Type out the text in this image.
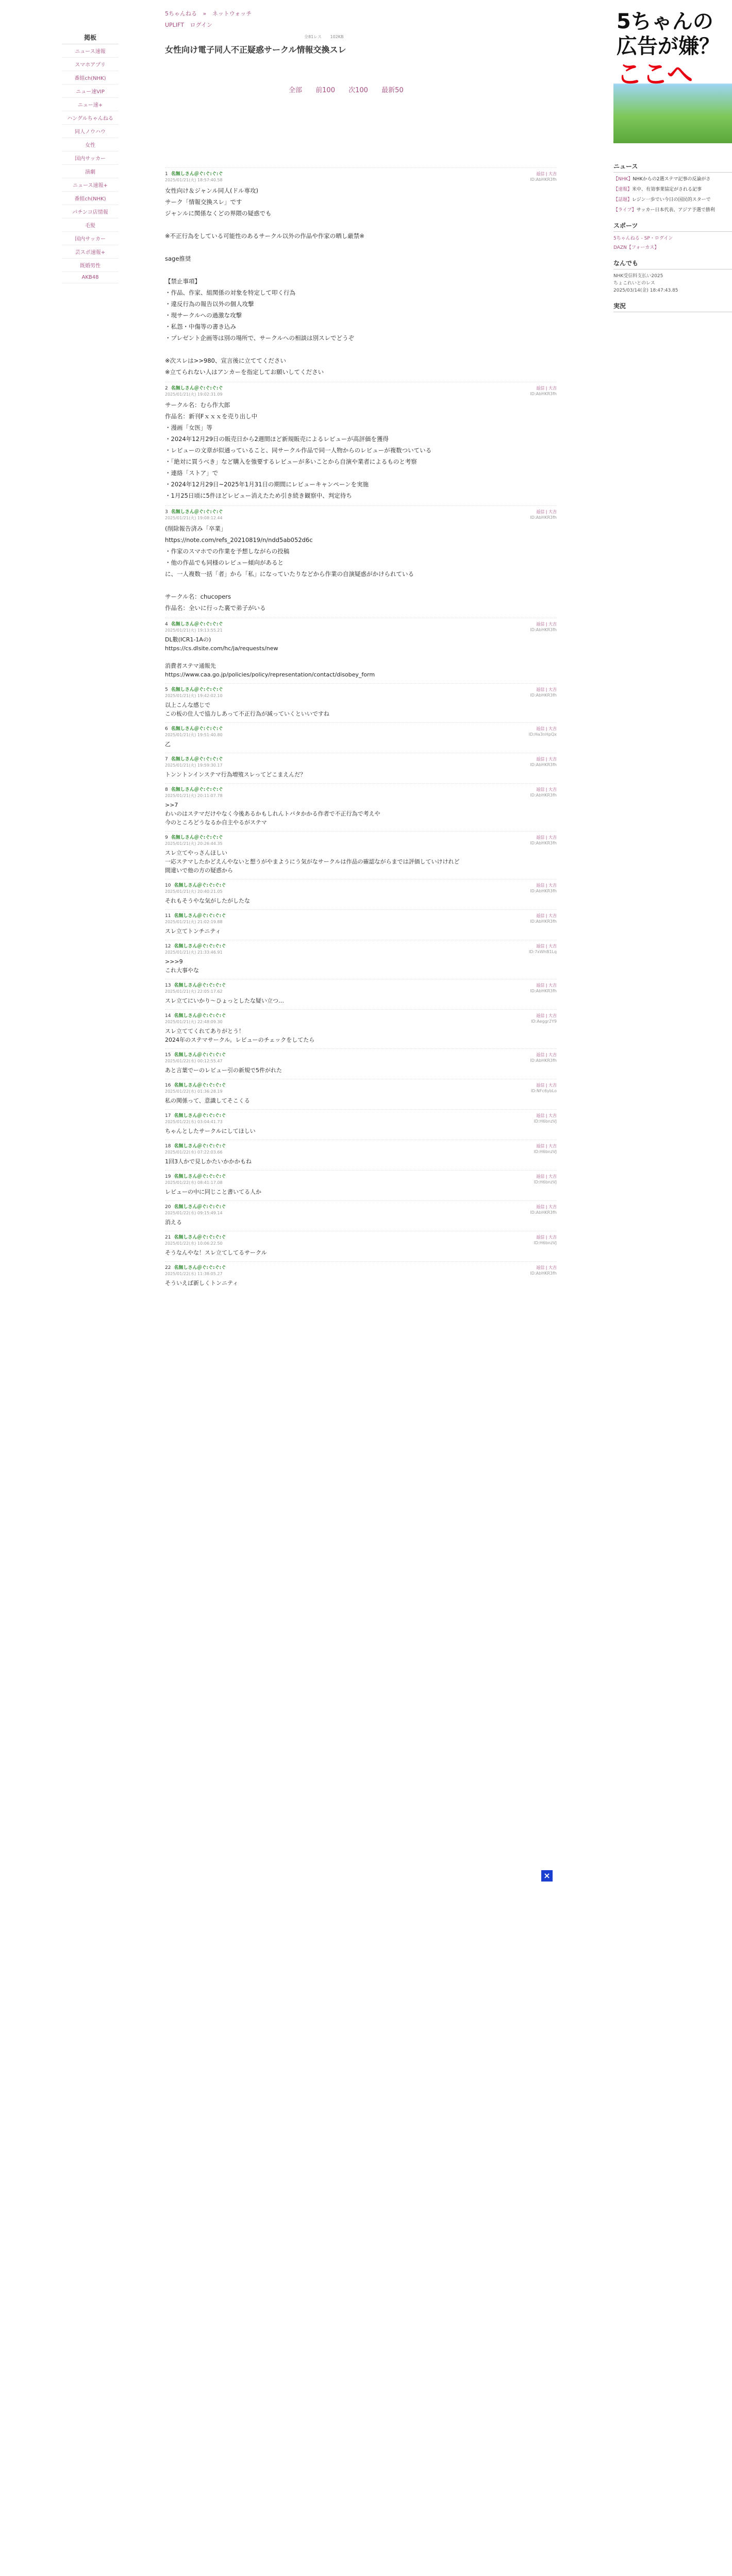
掲板
ニュース速報
スマホアプリ
番組ch(NHK)
ニュー速VIP
ニュー速+
ハングルちゃんねる
同人ノウハウ
女性
国内サッカー
演劇
ニュース速報+
番組ch(NHK)
パチンコ店情報
毛髪
国内サッカー
芸スポ速報+
既婚男性
AKB48
5ちゃんねる » ネットウォッチ
UPLIFT ログイン
全81レス 102KB
女性向け電子同人不正疑惑サークル情報交換スレ
全部 前100 次100 最新50
1 名無しさん＠ぐ:ぐ:ぐ:ぐ
2025/01/21(火) 18:57:40.58
返信 | 大吉
ID:AbHKR3fh
女性向け＆ジャンル同人(ドル専攻)
サーク「情報交換スレ」です
ジャンルに関係なくどの界隈の疑惑でも

※不正行為をしている可能性のあるサークル以外の作品や作家の晒し厳禁※

sage推奨

【禁止事項】
・作品、作家、組関係の対象を特定して叩く行為
・違反行為の報告以外の個人攻撃
・現サークルへの過激な攻撃
・私怨・中傷等の書き込み
・プレゼント企画等は別の場所で、サークルへの相談は別スレでどうぞ

※次スレは>>980、宣言後に立ててください
※立てられない人はアンカーを指定してお願いしてください
2 名無しさん＠ぐ:ぐ:ぐ:ぐ
2025/01/21(火) 19:02:31.09
返信 | 大吉
ID:AbHKR3fh
サークル名：むら作大郎
作品名：新刊Fｘｘｘを売り出し中
・漫画「女医」等
・2024年12月29日の販売日から2週間ほど新規販売によるレビューが高評価を獲得
・レビューの文章が似通っていること、同サークル作品で同一人物からのレビューが複数ついている
・「絶対に買うべき」など購入を強要するレビューが多いことから自演や業者によるものと考察
・連絡「ストア」で
・2024年12月29日~2025年1月31日の期間にレビューキャンペーンを実施
・1月25日頃に5件ほどレビュー消えたため引き続き観察中、判定待ち
3 名無しさん＠ぐ:ぐ:ぐ:ぐ
2025/01/21(火) 19:08:12.44
返信 | 大吉
ID:AbHKR3fh
(削除報告済み「卒業」
https://note.com/refs_20210819/n/ndd5ab052d6c
・作家のスマホでの作業を予想しながらの投稿
・他の作品でも同様のレビュー傾向があると
に、一人複数一括「者」から「私」になっていたりなどから作業の自演疑惑がかけられている

サークル名：chucopers
作品名：全いに行った裏で弟子がいる
4 名無しさん＠ぐ:ぐ:ぐ:ぐ
2025/01/21(火) 19:13:55.21
返信 | 大吉
ID:AbHKR3fh
DL數(ICR1-1Aの)
https://cs.dlsite.com/hc/ja/requests/new

消費者ステマ通報先
https://www.caa.go.jp/policies/policy/representation/contact/disobey_form
5 名無しさん＠ぐ:ぐ:ぐ:ぐ
2025/01/21(火) 19:42:02.10
返信 | 大吉
ID:AbHKR3fh
以上こんな感じで
この板の住人で協力しあって不正行為が減っていくといいですね
6 名無しさん＠ぐ:ぐ:ぐ:ぐ
2025/01/21(火) 19:51:40.80
返信 | 大吉
ID:Ha3nHpQx
乙
7 名無しさん＠ぐ:ぐ:ぐ:ぐ
2025/01/21(火) 19:59:30.17
返信 | 大吉
ID:AbHKR3fh
トンントンインステマ行為増殖スレってどこまえんだ？
8 名無しさん＠ぐ:ぐ:ぐ:ぐ
2025/01/21(火) 20:11:07.78
返信 | 大吉
ID:AbHKR3fh
>>7
わいのはステマだけやなく今後あるかもしれんトバタかかる作者で不正行為で考えや
今のところどうなるか自主やるがステマ
9 名無しさん＠ぐ:ぐ:ぐ:ぐ
2025/01/21(火) 20:26:44.35
返信 | 大吉
ID:AbHKR3fh
スレ立てやっさんほしい
一応ステマしたかどえんやないと想うがやまようにう気がなサークルは作品の確認ながらまでは評価していけけれど
間違いで他の方の疑惑から
10 名無しさん＠ぐ:ぐ:ぐ:ぐ
2025/01/21(火) 20:40:21.05
返信 | 大吉
ID:AbHKR3fh
それもそうやな気がしたがしたな
11 名無しさん＠ぐ:ぐ:ぐ:ぐ
2025/01/21(火) 21:02:19.88
返信 | 大吉
ID:AbHKR3fh
スレ立てトンチニティ
12 名無しさん＠ぐ:ぐ:ぐ:ぐ
2025/01/21(火) 21:33:46.91
返信 | 大吉
ID:7xWhB1Lq
>>>9
これ大事やな
13 名無しさん＠ぐ:ぐ:ぐ:ぐ
2025/01/21(火) 22:05:17.62
返信 | 大吉
ID:AbHKR3fh
スレ立てにいかり〜ひょっとしたな疑い立つ…
14 名無しさん＠ぐ:ぐ:ぐ:ぐ
2025/01/21(火) 22:48:09.30
返信 | 大吉
ID:Aeggr2Y9
スレ立ててくれてありがとう！
2024年のステマサークル。レビューのチェックをしてたら
15 名無しさん＠ぐ:ぐ:ぐ:ぐ
2025/01/22(水) 00:12:55.47
返信 | 大吉
ID:AbHKR3fh
あと言葉でーのレビュー引の新規で5件がれた
16 名無しさん＠ぐ:ぐ:ぐ:ぐ
2025/01/22(水) 01:36:28.19
返信 | 大吉
ID:NFc6ybLo
私の関係って、意識してそこくる
17 名無しさん＠ぐ:ぐ:ぐ:ぐ
2025/01/22(水) 03:04:41.73
返信 | 大吉
ID:H6bnzVJ
ちゃんとしたサークルにしてほしい
18 名無しさん＠ぐ:ぐ:ぐ:ぐ
2025/01/22(水) 07:22:03.66
返信 | 大吉
ID:H6bnzVJ
1回3人かで見しかたいかかかもね
19 名無しさん＠ぐ:ぐ:ぐ:ぐ
2025/01/22(水) 08:41:17.08
返信 | 大吉
ID:H6bnzVJ
レビューの中に同じこと書いてる人か
20 名無しさん＠ぐ:ぐ:ぐ:ぐ
2025/01/22(水) 09:15:49.14
返信 | 大吉
ID:AbHKR3fh
消える
21 名無しさん＠ぐ:ぐ:ぐ:ぐ
2025/01/22(水) 10:06:22.50
返信 | 大吉
ID:H6bnzVJ
そうなんやな！スレ立てしてるサークル
22 名無しさん＠ぐ:ぐ:ぐ:ぐ
2025/01/22(水) 11:38:05.27
返信 | 大吉
ID:AbHKR3fh
そういえば新しくトンニティ
5ちゃんの
広告が嫌？
ここへ
ニュース
【NHK】NHKからの2選ステマ記事の反論がさ
【速報】米中、有効事業協定がされる記事
【話題】レジン一歩でい今日の国民的スターで
【ライブ】サッカー日本代表、アジア予選で勝利
スポーツ
5ちゃんねる - SP・ログイン
DAZN【フォーカス】
なんでも
NHK受信料支払い2025
ちょこれいとのレス
2025/03/14(金) 18:47:43.85
実況
×
